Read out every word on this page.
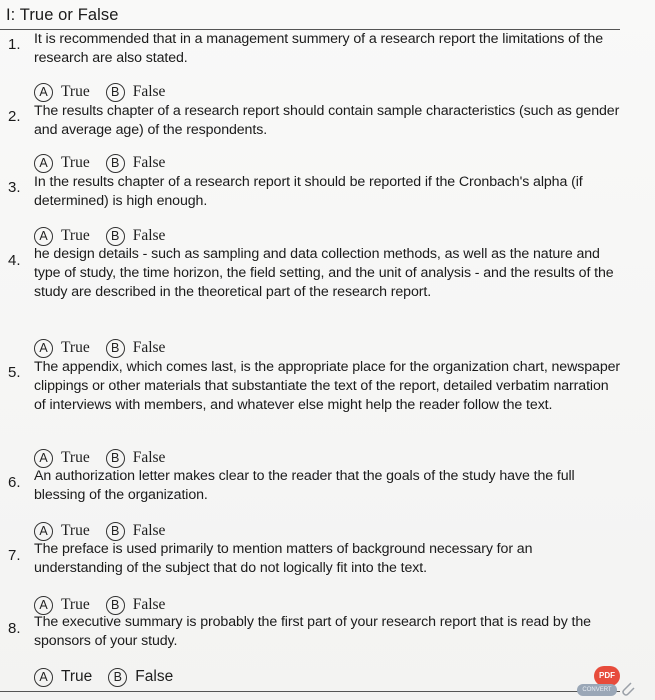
I: True or False
1. It is recommended that in a management summery of a research report the limitations of the research are also stated.
A True	B False
2. The results chapter of a research report should contain sample characteristics (such as gender and average age) of the respondents.
A True	B False
3. In the results chapter of a research report it should be reported if the Cronbach's alpha (if determined) is high enough.
A True	B False
4. he design details - such as sampling and data collection methods, as well as the nature and type of study, the time horizon, the field setting, and the unit of analysis - and the results of the study are described in the theoretical part of the research report.
A True	B False
5. The appendix, which comes last, is the appropriate place for the organization chart, newspaper clippings or other materials that substantiate the text of the report, detailed verbatim narration of interviews with members, and whatever else might help the reader follow the text.
A True	B False
6. An authorization letter makes clear to the reader that the goals of the study have the full blessing of the organization.
A True	B False
7. The preface is used primarily to mention matters of background necessary for an understanding of the subject that do not logically fit into the text.
A True	B False
8. The executive summary is probably the first part of your research report that is read by the sponsors of your study.
A True	B False	PDF
CONVERT
